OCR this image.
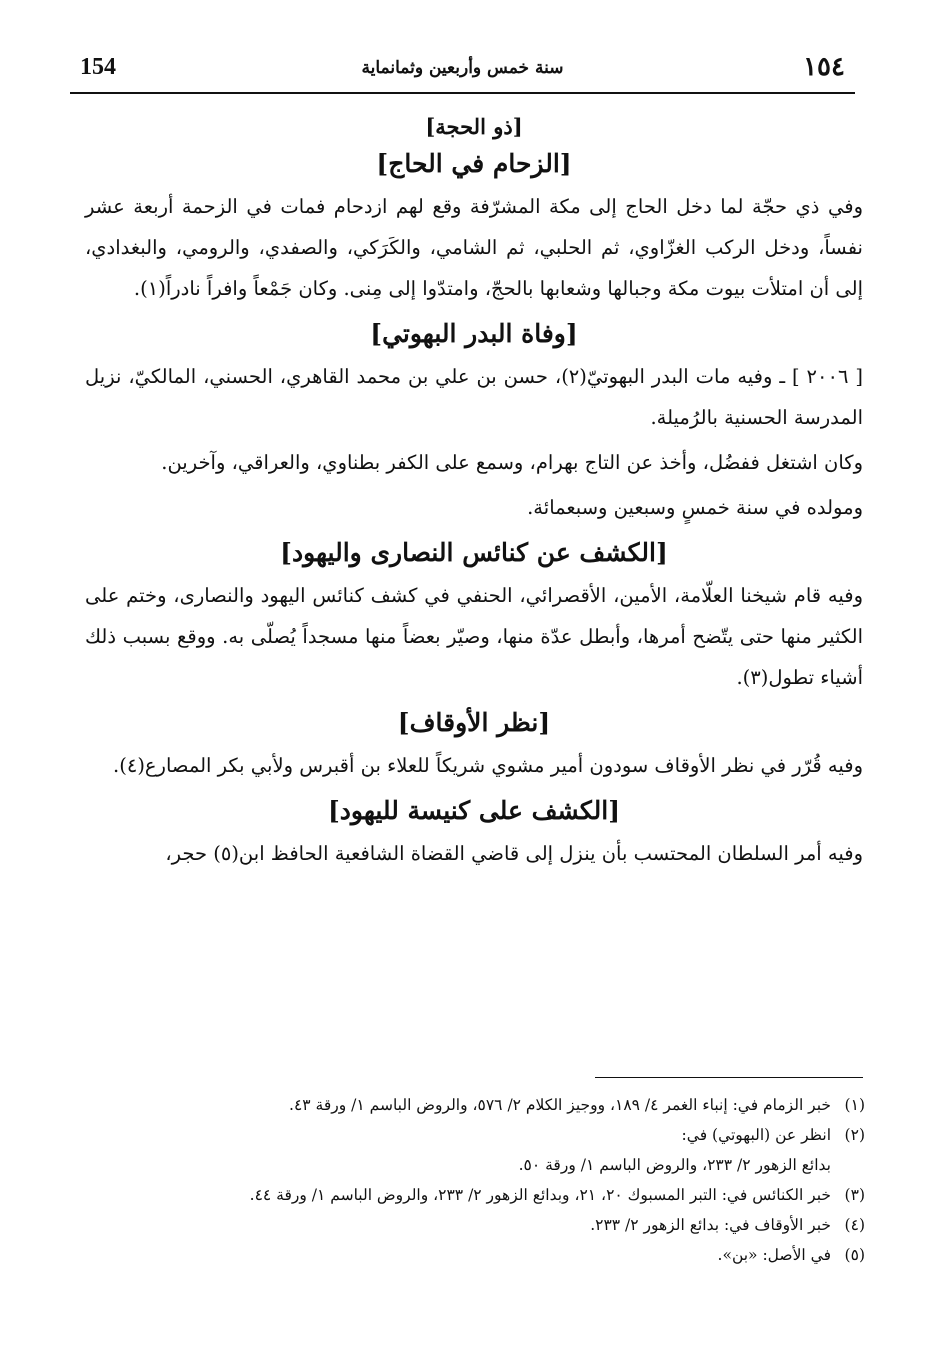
154	سنة خمس وأربعين وثمانماية	١٥٤
[ذو الحجة]
[الزحام في الحاج]

وفي ذي حجّة لما دخل الحاج إلى مكة المشرّفة وقع لهم ازدحام فمات في الزحمة أربعة عشر نفساً، ودخل الركب الغزّاوي، ثم الحلبي، ثم الشامي، والكَرَكي، والصفدي، والرومي، والبغدادي، إلى أن امتلأت بيوت مكة وجبالها وشعابها بالحجّ، وامتدّوا إلى مِنى. وكان جَمْعاً وافراً نادراً(١).

[وفاة البدر البهوتي]

[ ٢٠٠٦ ] ـ وفيه مات البدر البهوتيّ(٢)، حسن بن علي بن محمد القاهري، الحسني، المالكيّ، نزيل المدرسة الحسنية بالرُميلة.

وكان اشتغل ففضُل، وأخذ عن التاج بهرام، وسمع على الكفر بطناوي، والعراقي، وآخرين.

ومولده في سنة خمسٍ وسبعين وسبعمائة.

[الكشف عن كنائس النصارى واليهود]

وفيه قام شيخنا العلّامة، الأمين، الأقصرائي، الحنفي في كشف كنائس اليهود والنصارى، وختم على الكثير منها حتى يتّضح أمرها، وأبطل عدّة منها، وصيّر بعضاً منها مسجداً يُصلّى به. ووقع بسبب ذلك أشياء تطول(٣).

[نظر الأوقاف]

وفيه قُرّر في نظر الأوقاف سودون أمير مشوي شريكاً للعلاء بن أقبرس ولأبي بكر المصارع(٤).

[الكشف على كنيسة لليهود]

وفيه أمر السلطان المحتسب بأن ينزل إلى قاضي القضاة الشافعية الحافظ ابن(٥) حجر،

(١)
خبر الزمام في: إنباء الغمر ٤/ ١٨٩، ووجيز الكلام ٢/ ٥٧٦، والروض الباسم ١/ ورقة ٤٣.
(٢)
انظر عن (البهوتي) في:
بدائع الزهور ٢/ ٢٣٣، والروض الباسم ١/ ورقة ٥٠.
(٣)
خبر الكنائس في: التبر المسبوك ٢٠، ٢١، وبدائع الزهور ٢/ ٢٣٣، والروض الباسم ١/ ورقة ٤٤.
(٤)
خبر الأوقاف في: بدائع الزهور ٢/ ٢٣٣.
(٥)
في الأصل: «بن».
